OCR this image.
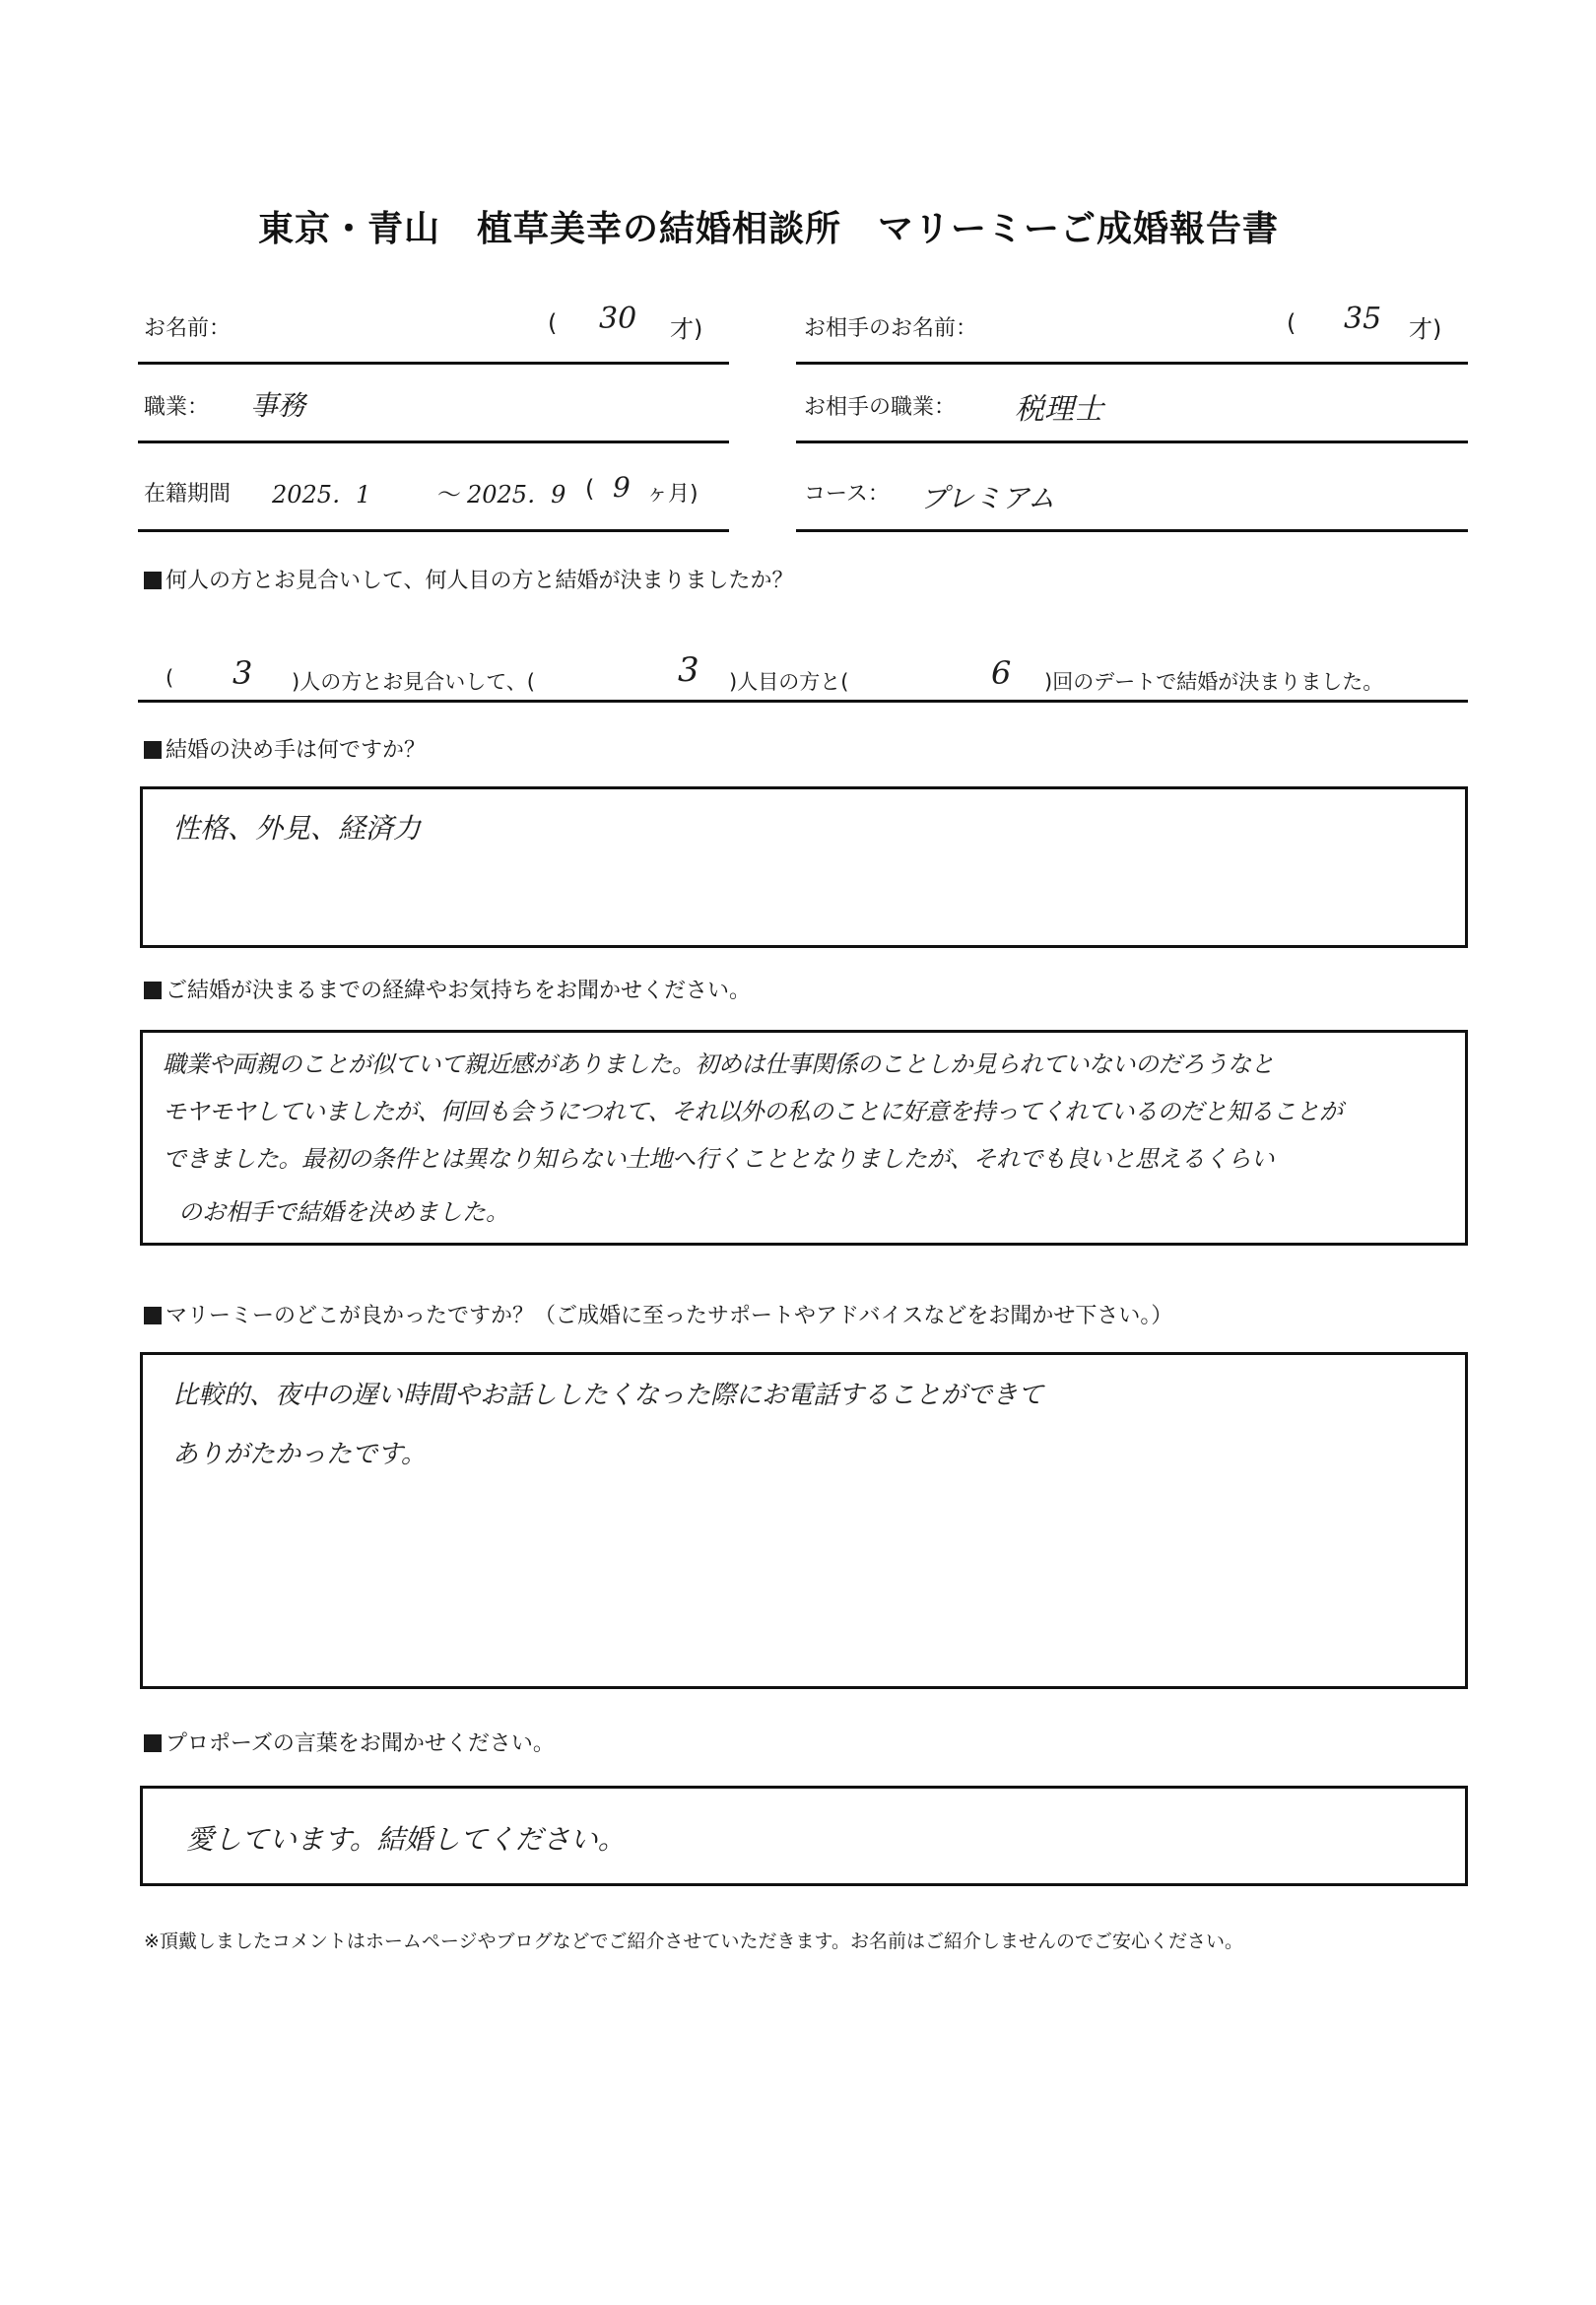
東京・青山　植草美幸の結婚相談所　マリーミーご成婚報告書
お名前：	( 30 才)	お相手のお名前：	( 35 才)
職業： 事務	お相手の職業： 税理士
在籍期間 2025．1	～ 2025．9 ( 9 ヶ月)	コース： プレミアム
何人の方とお見合いして、何人目の方と結婚が決まりましたか？
( 3 )人の方とお見合いして、(	3 )人目の方と(	6 )回のデートで結婚が決まりました。
結婚の決め手は何ですか？
性格、外見、経済力
ご結婚が決まるまでの経緯やお気持ちをお聞かせください。
職業や両親のことが似ていて親近感がありました。初めは仕事関係のことしか見られていないのだろうなと
モヤモヤしていましたが、何回も会うにつれて、それ以外の私のことに好意を持ってくれているのだと知ることが
できました。最初の条件とは異なり知らない土地へ行くこととなりましたが、それでも良いと思えるくらい
のお相手で結婚を決めました。
マリーミーのどこが良かったですか？（ご成婚に至ったサポートやアドバイスなどをお聞かせ下さい。）
比較的、夜中の遅い時間やお話ししたくなった際にお電話することができて
ありがたかったです。
プロポーズの言葉をお聞かせください。
愛しています。結婚してください。
※頂戴しましたコメントはホームページやブログなどでご紹介させていただきます。お名前はご紹介しませんのでご安心ください。
